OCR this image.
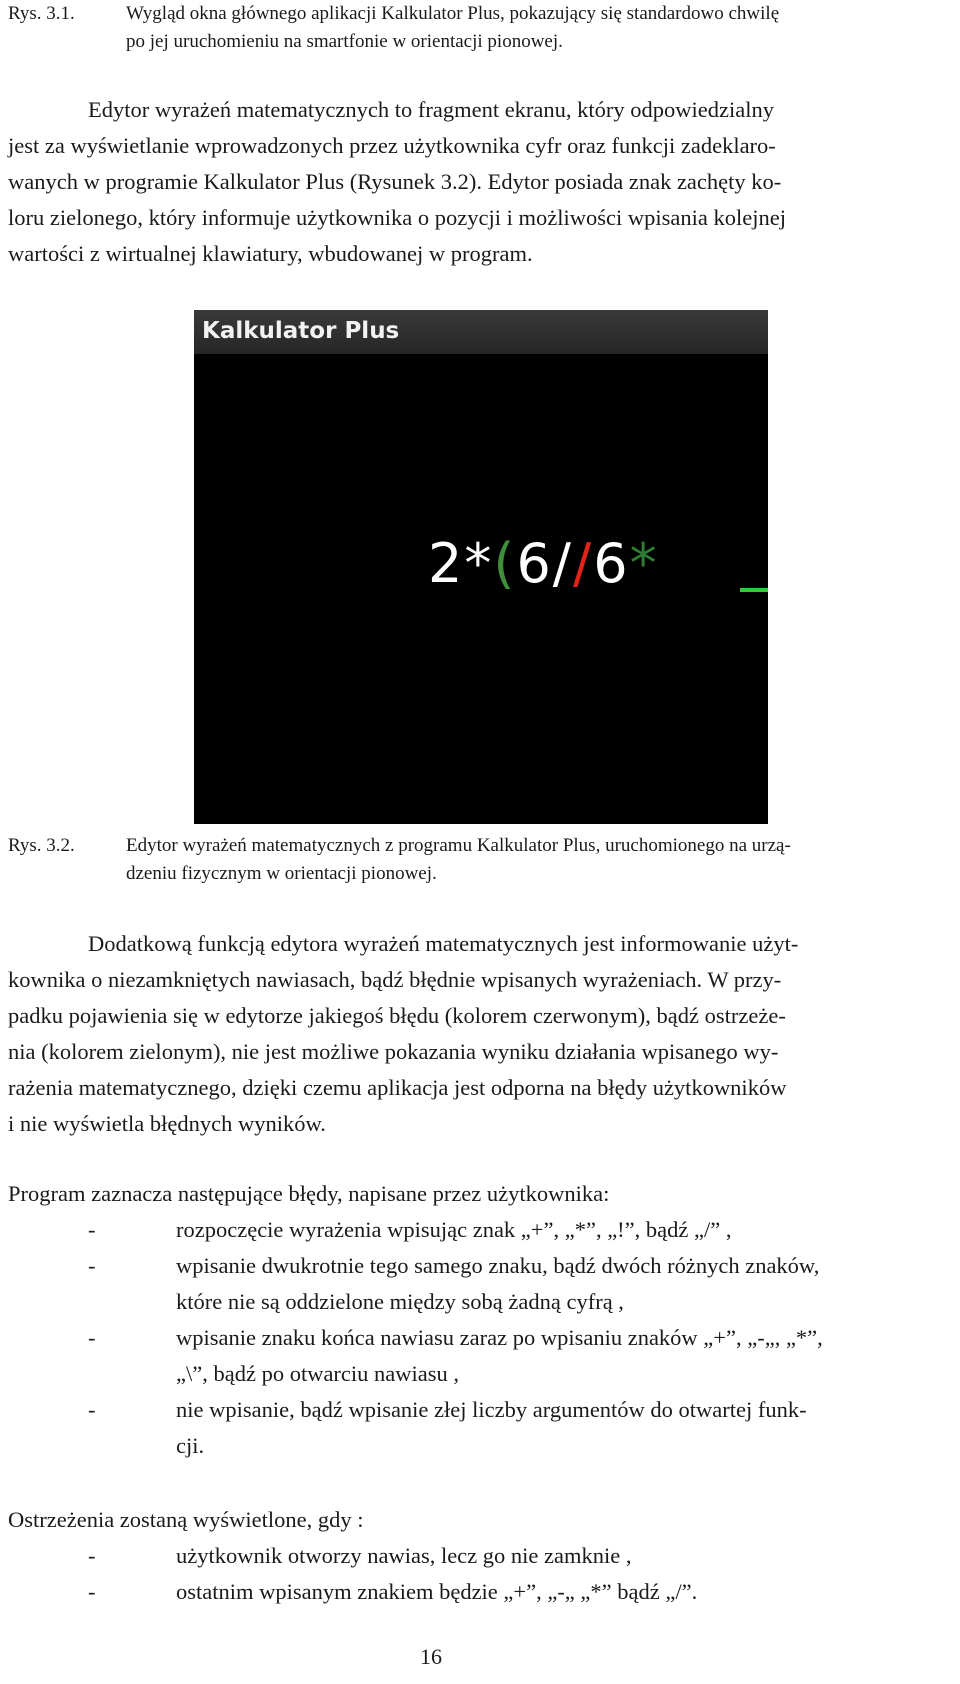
Rys. 3.1.	Wygląd okna głównego aplikacji Kalkulator Plus, pokazujący się standardowo chwilę
po jej uruchomieniu na smartfonie w orientacji pionowej.
Edytor wyrażeń matematycznych to fragment ekranu, który odpowiedzialny
jest za wyświetlanie wprowadzonych przez użytkownika cyfr oraz funkcji zadeklaro-
wanych w programie Kalkulator Plus (Rysunek 3.2). Edytor posiada znak zachęty ko-
loru zielonego, który informuje użytkownika o pozycji i możliwości wpisania kolejnej
wartości z wirtualnej klawiatury, wbudowanej w program.
Kalkulator Plus
2*(6//6*
Rys. 3.2.	Edytor wyrażeń matematycznych z programu Kalkulator Plus, uruchomionego na urzą-
dzeniu fizycznym w orientacji pionowej.
Dodatkową funkcją edytora wyrażeń matematycznych jest informowanie użyt-
kownika o niezamkniętych nawiasach, bądź błędnie wpisanych wyrażeniach. W przy-
padku pojawienia się w edytorze jakiegoś błędu (kolorem czerwonym), bądź ostrzeże-
nia (kolorem zielonym), nie jest możliwe pokazania wyniku działania wpisanego wy-
rażenia matematycznego, dzięki czemu aplikacja jest odporna na błędy użytkowników
i nie wyświetla błędnych wyników.
Program zaznacza następujące błędy, napisane przez użytkownika:
-	rozpoczęcie wyrażenia wpisując znak „+”, „*”, „!”, bądź „/” ,
-	wpisanie dwukrotnie tego samego znaku, bądź dwóch różnych znaków,
które nie są oddzielone między sobą żadną cyfrą ,
-	wpisanie znaku końca nawiasu zaraz po wpisaniu znaków „+”, „-„, „*”,
„\”, bądź po otwarciu nawiasu ,
-	nie wpisanie, bądź wpisanie złej liczby argumentów do otwartej funk-
cji.
Ostrzeżenia zostaną wyświetlone, gdy :
-	użytkownik otworzy nawias, lecz go nie zamknie ,
-	ostatnim wpisanym znakiem będzie „+”, „-„ „*” bądź „/”.
16
